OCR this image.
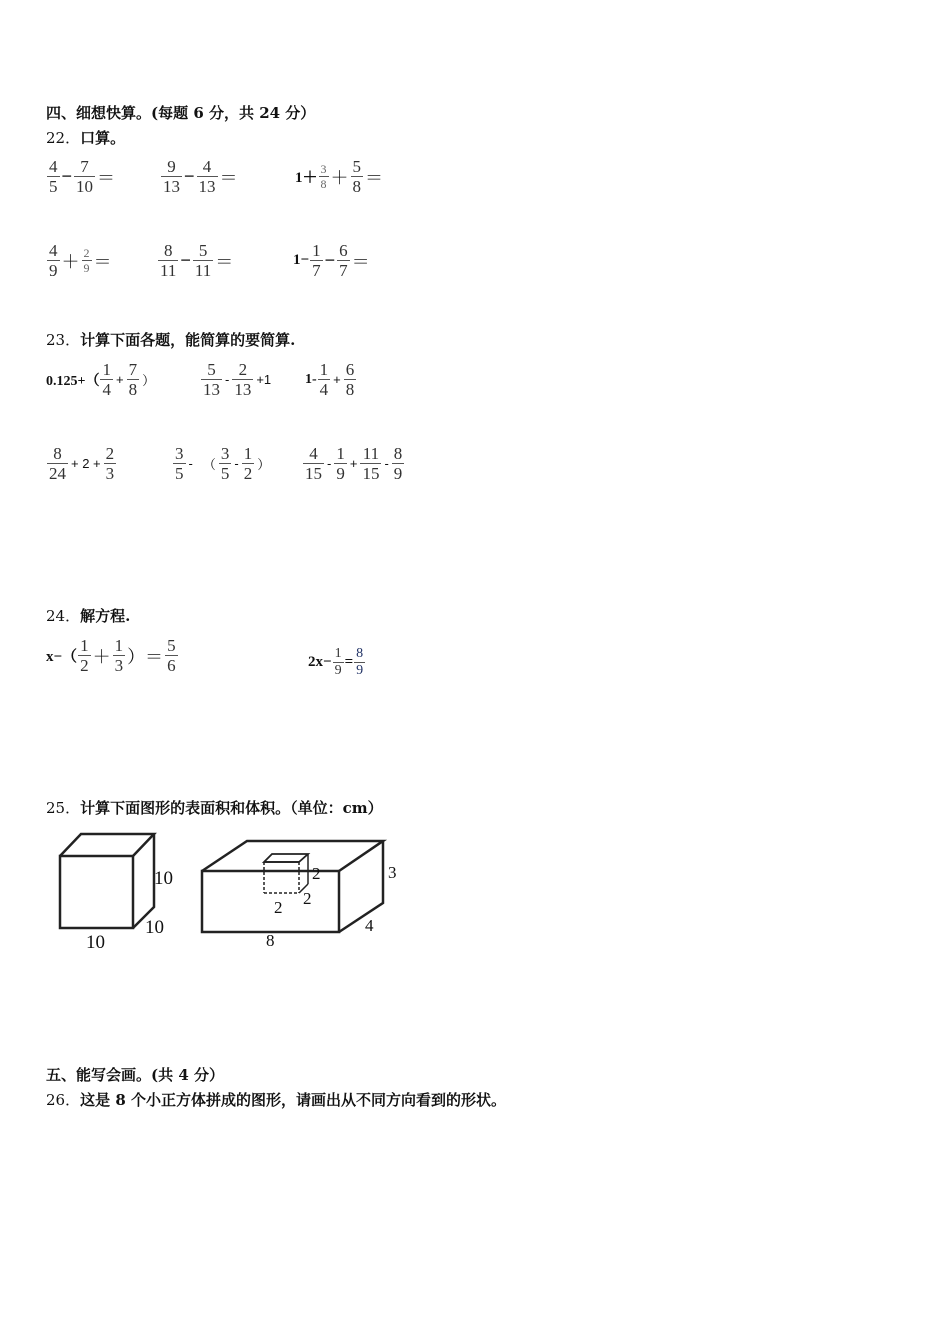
四、细想快算。(每题 6 分，共 24 分）
22．口算。
$\frac{4}{5} - \frac{7}{10}$ ＝	$\frac{9}{13} - \frac{4}{13}$ ＝	$1+ \frac{3}{8} + \frac{5}{8}$ ＝
$\frac{4}{9} + \frac{2}{9}$ ＝	$\frac{8}{11} - \frac{5}{11}$ ＝	$1- \frac{1}{7} - \frac{6}{7}$ ＝
23．计算下面各题，能简算的要简算.
$0.125+( \frac{1}{4} + \frac{7}{8}$ ）	$\frac{5}{13} - \frac{2}{13} +1$ $1- \frac{1}{4} + \frac{6}{8}$
$\frac{8}{24} + 2 + \frac{2}{3}$	$\frac{3}{5}$ - （ $\frac{3}{5} - \frac{1}{2}$ ） $\frac{4}{15} - \frac{1}{9} + \frac{11}{15} - \frac{8}{9}$
24．解方程.
$x-( \frac{1}{2} + \frac{1}{3}$ ）＝ $\frac{5}{6}$	$2x- \frac{1}{9} = \frac{8}{9}$
25．计算下面图形的表面积和体积。（单位：cm）
10
10
10
2
2 2
3
4
8
五、能写会画。(共 4 分）
26．这是 8 个小正方体拼成的图形，请画出从不同方向看到的形状。
